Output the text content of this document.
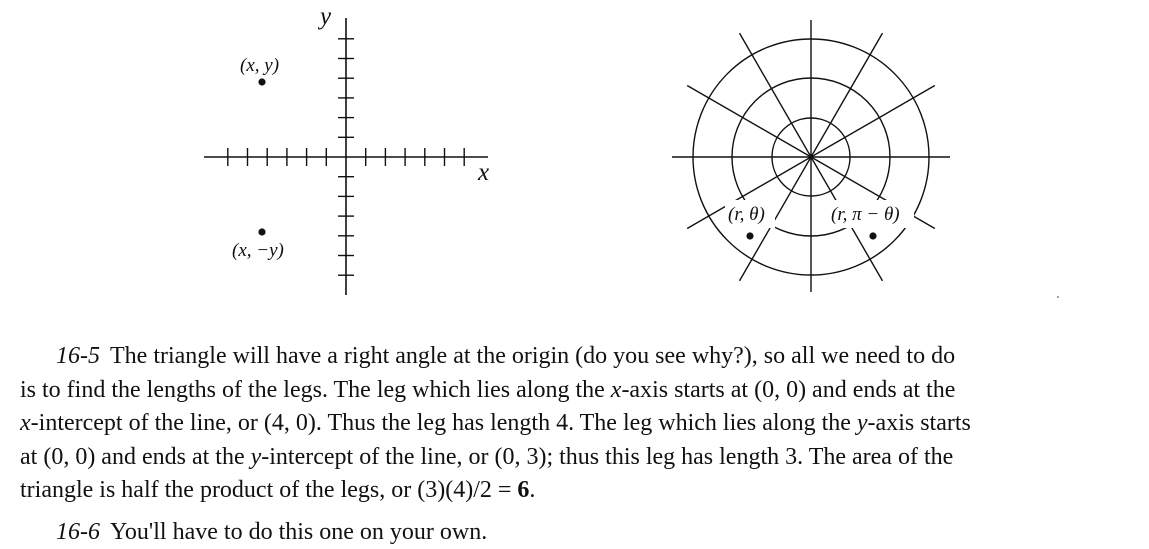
y
x
(x, y)
(x, −y)
(r, θ)	(r, π − θ)

16-5 The triangle will have a right angle at the origin (do you see why?), so all we need to do
is to find the lengths of the legs. The leg which lies along the x-axis starts at (0, 0) and ends at the
x-intercept of the line, or (4, 0). Thus the leg has length 4. The leg which lies along the y-axis starts
at (0, 0) and ends at the y-intercept of the line, or (0, 3); thus this leg has length 3. The area of the
triangle is half the product of the legs, or (3)(4)/2 = 6.

16-6 You'll have to do this one on your own.
